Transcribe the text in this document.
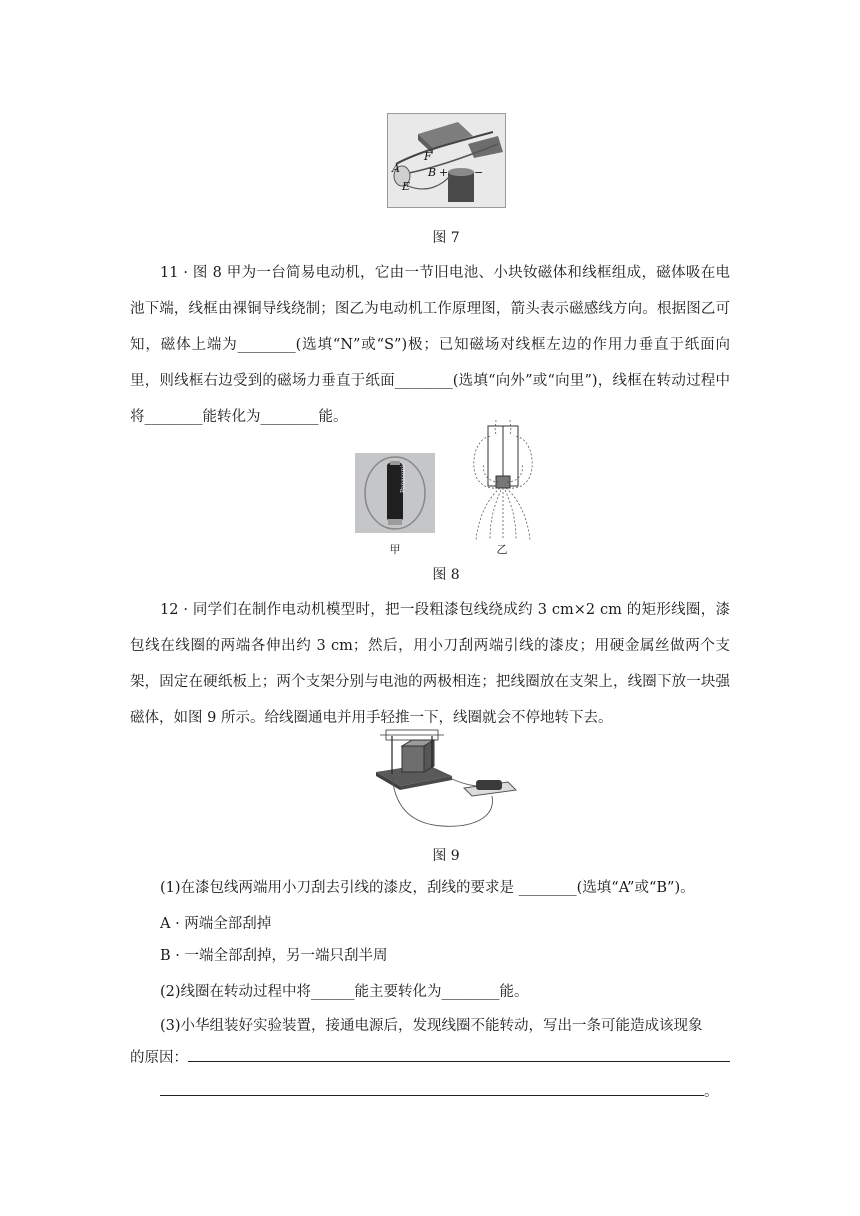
A
F
B + −
E
图 7

11 · 图 8 甲为一台简易电动机，它由一节旧电池、小块钕磁体和线框组成，磁体吸在电池下端，线框由裸铜导线绕制；图乙为电动机工作原理图，箭头表示磁感线方向。根据图乙可知，磁体上端为________(选填“N”或“S”)极；已知磁场对线框左边的作用力垂直于纸面向里，则线框右边受到的磁场力垂直于纸面________(选填“向外”或“向里”)，线框在转动过程中将________能转化为________能。

Panasonic
甲	乙
图 8

12 · 同学们在制作电动机模型时，把一段粗漆包线绕成约 3 cm×2 cm 的矩形线圈，漆包线在线圈的两端各伸出约 3 cm；然后，用小刀刮两端引线的漆皮；用硬金属丝做两个支架，固定在硬纸板上；两个支架分别与电池的两极相连；把线圈放在支架上，线圈下放一块强磁体，如图 9 所示。给线圈通电并用手轻推一下，线圈就会不停地转下去。

图 9

(1)在漆包线两端用小刀刮去引线的漆皮，刮线的要求是 ________(选填“A”或“B”)。

A · 两端全部刮掉

B · 一端全部刮掉，另一端只刮半周

(2)线圈在转动过程中将______能主要转化为________能。

(3)小华组装好实验装置，接通电源后，发现线圈不能转动，写出一条可能造成该现象

的原因：
。
